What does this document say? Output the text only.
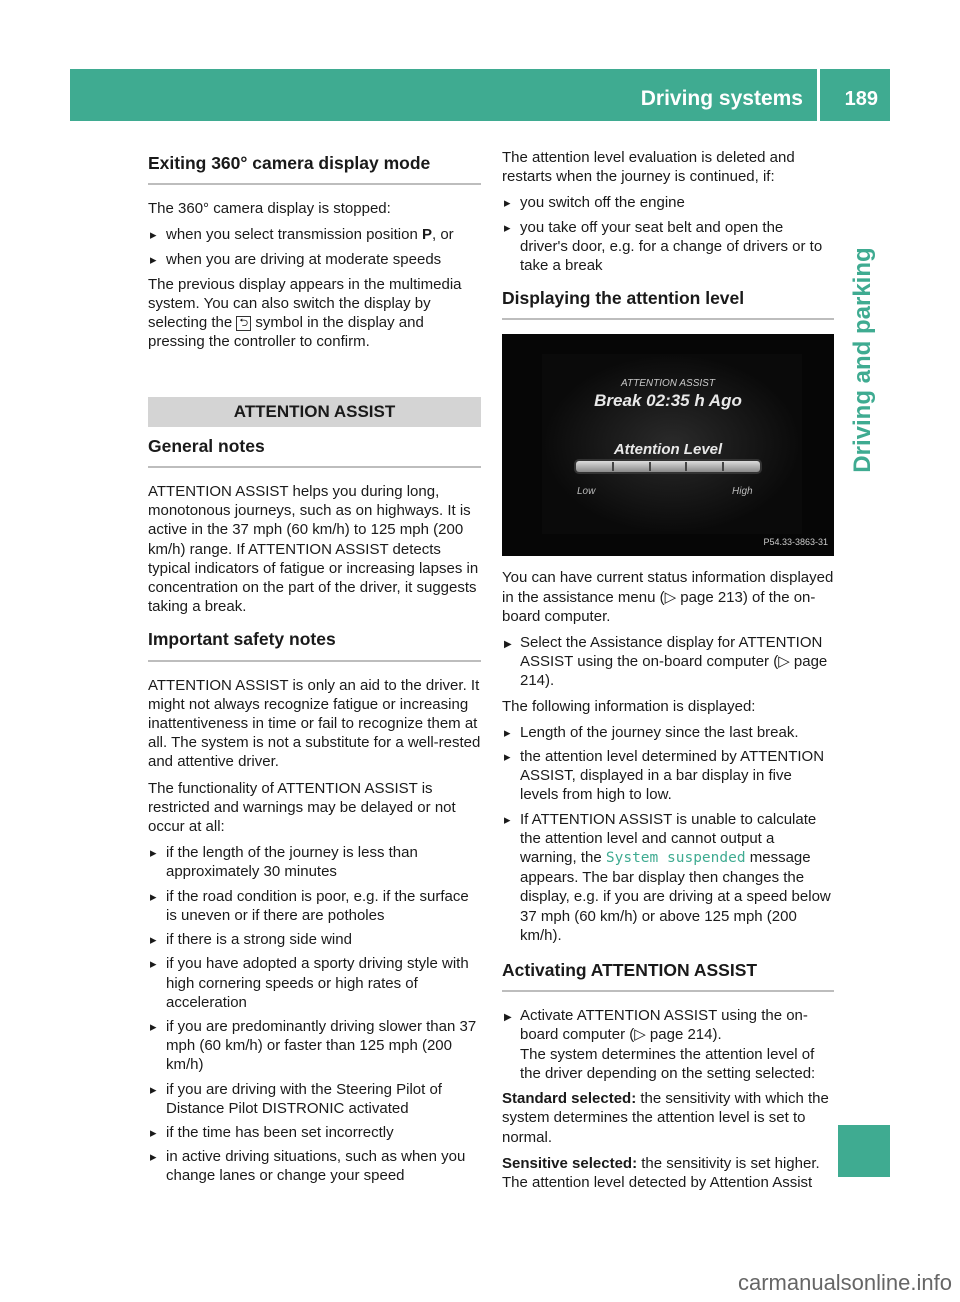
Driving systems	189
Driving and parking
Exiting 360° camera display mode

The 360° camera display is stopped:

▸ when you select transmission position P, or
▸ when you are driving at moderate speeds

The previous display appears in the multimedia system. You can also switch the display by selecting the ⮌ symbol in the display and pressing the controller to confirm.

ATTENTION ASSIST
General notes

ATTENTION ASSIST helps you during long, monotonous journeys, such as on highways. It is active in the 37 mph (60 km/h) to 125 mph (200 km/h) range. If ATTENTION ASSIST detects typical indicators of fatigue or increasing lapses in concentration on the part of the driver, it suggests taking a break.

Important safety notes

ATTENTION ASSIST is only an aid to the driver. It might not always recognize fatigue or increasing inattentiveness in time or fail to recognize them at all. The system is not a substitute for a well-rested and attentive driver.

The functionality of ATTENTION ASSIST is restricted and warnings may be delayed or not occur at all:

▸ if the length of the journey is less than approximately 30 minutes
▸ if the road condition is poor, e.g. if the surface is uneven or if there are potholes
▸ if there is a strong side wind
▸ if you have adopted a sporty driving style with high cornering speeds or high rates of acceleration
▸ if you are predominantly driving slower than 37 mph (60 km/h) or faster than 125 mph (200 km/h)
▸ if you are driving with the Steering Pilot of Distance Pilot DISTRONIC activated
▸ if the time has been set incorrectly
▸ in active driving situations, such as when you change lanes or change your speed

The attention level evaluation is deleted and restarts when the journey is continued, if:

▸ you switch off the engine
▸ you take off your seat belt and open the driver's door, e.g. for a change of drivers or to take a break
Displaying the attention level
ATTENTION ASSIST
Break 02:35 h Ago
Attention Level
Low	High
P54.33-3863-31

You can have current status information displayed in the assistance menu (▷ page 213) of the on-board computer.

▶ Select the Assistance display for ATTENTION ASSIST using the on-board computer (▷ page 214).

The following information is displayed:

▸ Length of the journey since the last break.
▸ the attention level determined by ATTENTION ASSIST, displayed in a bar display in five levels from high to low.
▸ If ATTENTION ASSIST is unable to calculate the attention level and cannot output a warning, the System suspended message appears. The bar display then changes the display, e.g. if you are driving at a speed below 37 mph (60 km/h) or above 125 mph (200 km/h).
Activating ATTENTION ASSIST
▶ Activate ATTENTION ASSIST using the on-board computer (▷ page 214).
The system determines the attention level of the driver depending on the setting selected:

Standard selected: the sensitivity with which the system determines the attention level is set to normal.

Sensitive selected: the sensitivity is set higher. The attention level detected by Attention Assist

carmanualsonline.info
